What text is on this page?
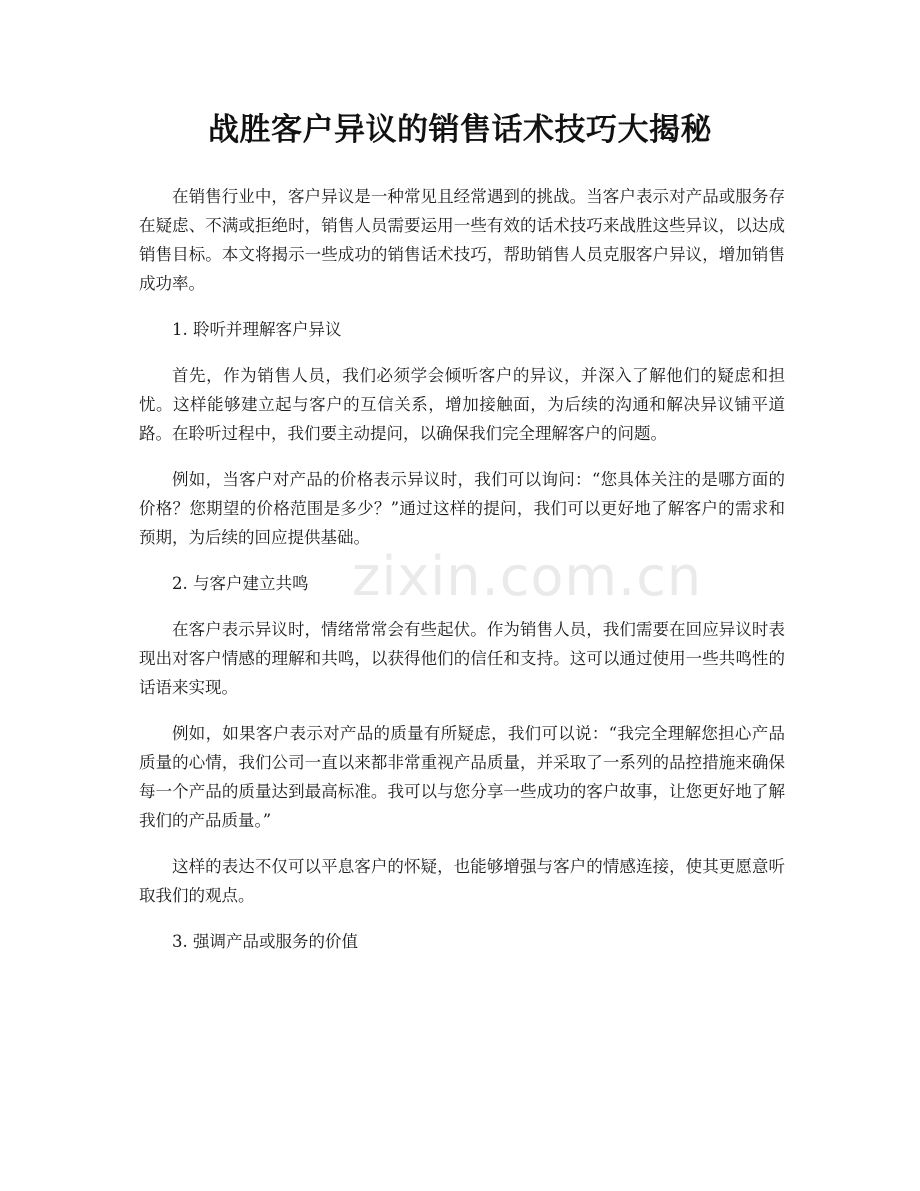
战胜客户异议的销售话术技巧大揭秘

在销售行业中，客户异议是一种常见且经常遇到的挑战。当客户表示对产品或服务存在疑虑、不满或拒绝时，销售人员需要运用一些有效的话术技巧来战胜这些异议，以达成销售目标。本文将揭示一些成功的销售话术技巧，帮助销售人员克服客户异议，增加销售成功率。

1. 聆听并理解客户异议

首先，作为销售人员，我们必须学会倾听客户的异议，并深入了解他们的疑虑和担忧。这样能够建立起与客户的互信关系，增加接触面，为后续的沟通和解决异议铺平道路。在聆听过程中，我们要主动提问，以确保我们完全理解客户的问题。

例如，当客户对产品的价格表示异议时，我们可以询问：“您具体关注的是哪方面的价格？您期望的价格范围是多少？”通过这样的提问，我们可以更好地了解客户的需求和预期，为后续的回应提供基础。

2. 与客户建立共鸣

在客户表示异议时，情绪常常会有些起伏。作为销售人员，我们需要在回应异议时表现出对客户情感的理解和共鸣，以获得他们的信任和支持。这可以通过使用一些共鸣性的话语来实现。

例如，如果客户表示对产品的质量有所疑虑，我们可以说：“我完全理解您担心产品质量的心情，我们公司一直以来都非常重视产品质量，并采取了一系列的品控措施来确保每一个产品的质量达到最高标准。我可以与您分享一些成功的客户故事，让您更好地了解我们的产品质量。”

这样的表达不仅可以平息客户的怀疑，也能够增强与客户的情感连接，使其更愿意听取我们的观点。

3. 强调产品或服务的价值

zixin.com.cn
